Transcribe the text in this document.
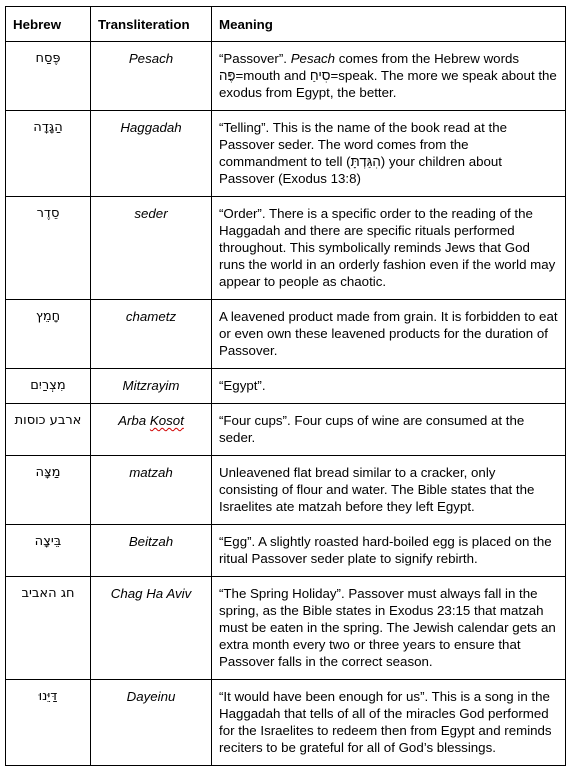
Hebrew	Transliteration	Meaning
פֶּסַח	Pesach	“Passover”. Pesach comes from the Hebrew words פֶּה=mouth and סִיחַ=speak. The more we speak about the exodus from Egypt, the better.
הַגָּדָה	Haggadah	“Telling”. This is the name of the book read at the Passover seder. The word comes from the commandment to tell (הִגַּדְתָּ) your children about Passover (Exodus 13:8)
סֵדֶר	seder	“Order”. There is a specific order to the reading of the Haggadah and there are specific rituals performed throughout. This symbolically reminds Jews that God runs the world in an orderly fashion even if the world may appear to people as chaotic.
חָמֵץ	chametz	A leavened product made from grain. It is forbidden to eat or even own these leavened products for the duration of Passover.
מִצְרַיִם	Mitzrayim	“Egypt”.
ארבע כוסות	Arba Kosot	“Four cups”. Four cups of wine are consumed at the seder.
מַצָּה	matzah	Unleavened flat bread similar to a cracker, only consisting of flour and water. The Bible states that the Israelites ate matzah before they left Egypt.
בֵּיצָה	Beitzah	“Egg”. A slightly roasted hard-boiled egg is placed on the ritual Passover seder plate to signify rebirth.
חג האביב	Chag Ha Aviv	“The Spring Holiday”. Passover must always fall in the spring, as the Bible states in Exodus 23:15 that matzah must be eaten in the spring. The Jewish calendar gets an extra month every two or three years to ensure that Passover falls in the correct season.
דַּיֵּנוּ	Dayeinu	“It would have been enough for us”. This is a song in the Haggadah that tells of all of the miracles God performed for the Israelites to redeem then from Egypt and reminds reciters to be grateful for all of God’s blessings.
